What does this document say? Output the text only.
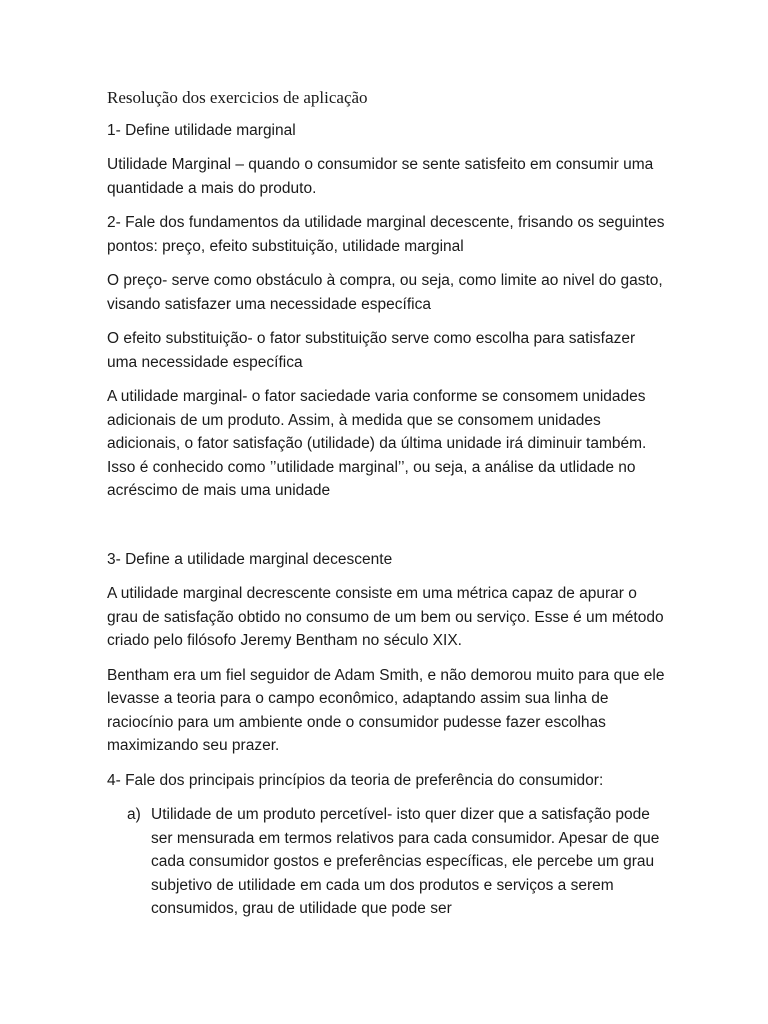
Resolução dos exercicios de aplicação

1- Define utilidade marginal

Utilidade Marginal – quando o consumidor se sente satisfeito em consumir uma quantidade a mais do produto.

2- Fale dos fundamentos da utilidade marginal decescente, frisando os seguintes pontos: preço, efeito substituição, utilidade marginal

O preço- serve como obstáculo à compra, ou seja, como limite ao nivel do gasto, visando satisfazer uma necessidade específica

O efeito substituição- o fator substituição serve como escolha para satisfazer uma necessidade específica

A utilidade marginal- o fator saciedade varia conforme se consomem unidades adicionais de um produto. Assim, à medida que se consomem unidades adicionais, o fator satisfação (utilidade) da última unidade irá diminuir também. Isso é conhecido como ’’utilidade marginal’’, ou seja, a análise da utlidade no acréscimo de mais uma unidade

3- Define a utilidade marginal decescente

A utilidade marginal decrescente consiste em uma métrica capaz de apurar o grau de satisfação obtido no consumo de um bem ou serviço. Esse é um método criado pelo filósofo Jeremy Bentham no século XIX.

Bentham era um fiel seguidor de Adam Smith, e não demorou muito para que ele levasse a teoria para o campo econômico, adaptando assim sua linha de raciocínio para um ambiente onde o consumidor pudesse fazer escolhas maximizando seu prazer.

4- Fale dos principais princípios da teoria de preferência do consumidor:

a) Utilidade de um produto percetível- isto quer dizer que a satisfação pode ser mensurada em termos relativos para cada consumidor. Apesar de que cada consumidor gostos e preferências específicas, ele percebe um grau subjetivo de utilidade em cada um dos produtos e serviços a serem consumidos, grau de utilidade que pode ser
